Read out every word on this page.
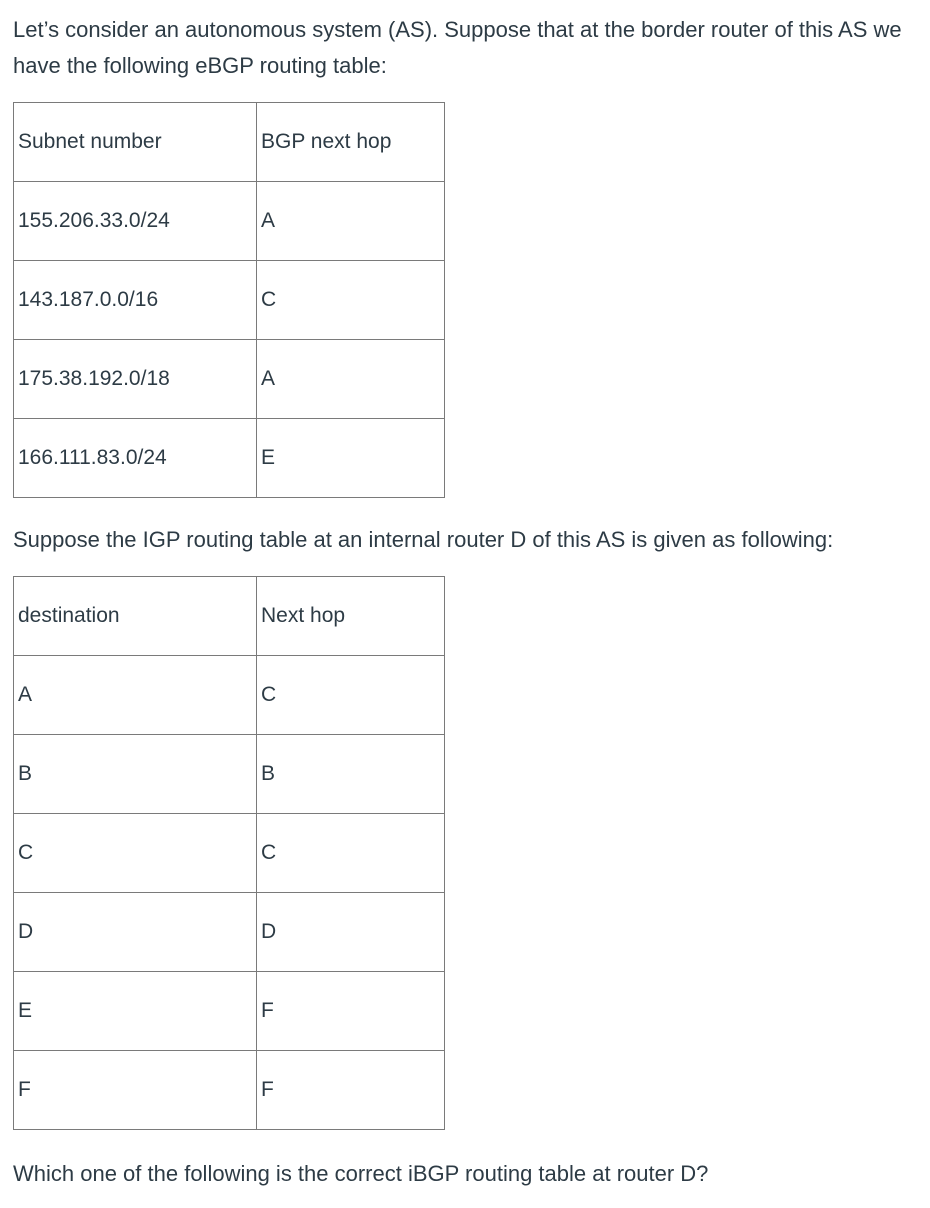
Let’s consider an autonomous system (AS). Suppose that at the border router of this AS we have the following eBGP routing table:

Subnet number	BGP next hop
155.206.33.0/24	A
143.187.0.0/16	C
175.38.192.0/18	A
166.111.83.0/24	E

Suppose the IGP routing table at an internal router D of this AS is given as following:

destination	Next hop
A	C
B	B
C	C
D	D
E	F
F	F

Which one of the following is the correct iBGP routing table at router D?
